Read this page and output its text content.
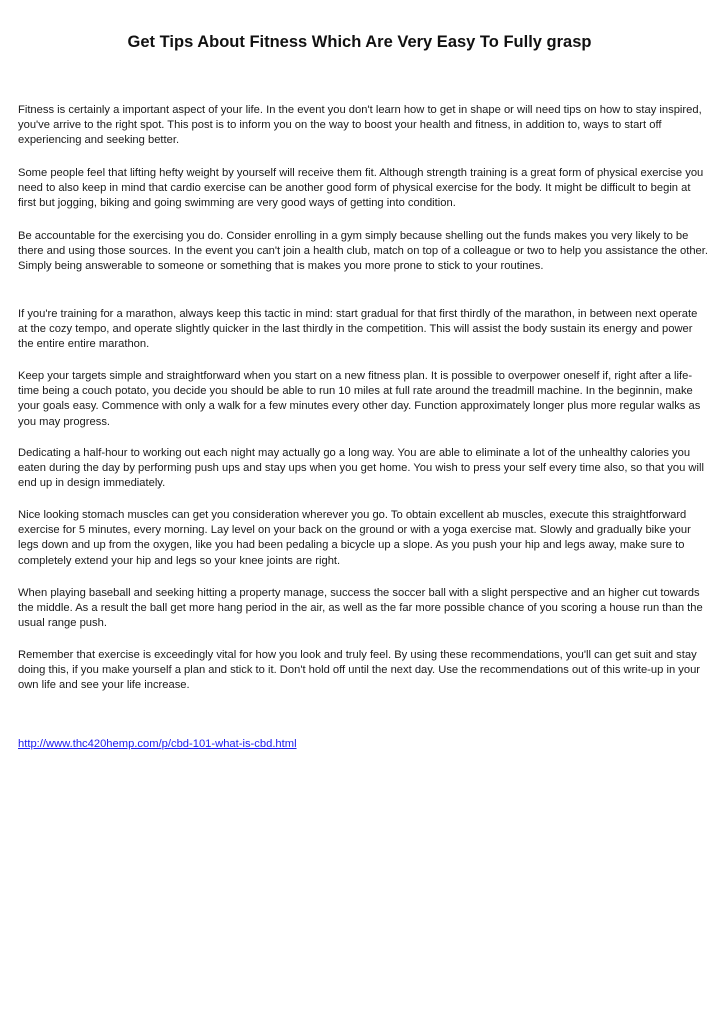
Get Tips About Fitness Which Are Very Easy To Fully grasp

Fitness is certainly a important aspect of your life. In the event you don't learn how to get in shape or will need tips on how to stay inspired, you've arrive to the right spot. This post is to inform you on the way to boost your health and fitness, in addition to, ways to start off experiencing and seeking better.

Some people feel that lifting hefty weight by yourself will receive them fit. Although strength training is a great form of physical exercise you need to also keep in mind that cardio exercise can be another good form of physical exercise for the body. It might be difficult to begin at first but jogging, biking and going swimming are very good ways of getting into condition.

Be accountable for the exercising you do. Consider enrolling in a gym simply because shelling out the funds makes you very likely to be there and using those sources. In the event you can't join a health club, match on top of a colleague or two to help you assistance the other. Simply being answerable to someone or something that is makes you more prone to stick to your routines.

If you're training for a marathon, always keep this tactic in mind: start gradual for that first thirdly of the marathon, in between next operate at the cozy tempo, and operate slightly quicker in the last thirdly in the competition. This will assist the body sustain its energy and power the entire entire marathon.

Keep your targets simple and straightforward when you start on a new fitness plan. It is possible to overpower oneself if, right after a life-time being a couch potato, you decide you should be able to run 10 miles at full rate around the treadmill machine. In the beginnin, make your goals easy. Commence with only a walk for a few minutes every other day. Function approximately longer plus more regular walks as you may progress.

Dedicating a half-hour to working out each night may actually go a long way. You are able to eliminate a lot of the unhealthy calories you eaten during the day by performing push ups and stay ups when you get home. You wish to press your self every time also, so that you will end up in design immediately.

Nice looking stomach muscles can get you consideration wherever you go. To obtain excellent ab muscles, execute this straightforward exercise for 5 minutes, every morning. Lay level on your back on the ground or with a yoga exercise mat. Slowly and gradually bike your legs down and up from the oxygen, like you had been pedaling a bicycle up a slope. As you push your hip and legs away, make sure to completely extend your hip and legs so your knee joints are right.

When playing baseball and seeking hitting a property manage, success the soccer ball with a slight perspective and an higher cut towards the middle. As a result the ball get more hang period in the air, as well as the far more possible chance of you scoring a house run than the usual range push.

Remember that exercise is exceedingly vital for how you look and truly feel. By using these recommendations, you'll can get suit and stay doing this, if you make yourself a plan and stick to it. Don't hold off until the next day. Use the recommendations out of this write-up in your own life and see your life increase.

http://www.thc420hemp.com/p/cbd-101-what-is-cbd.html
